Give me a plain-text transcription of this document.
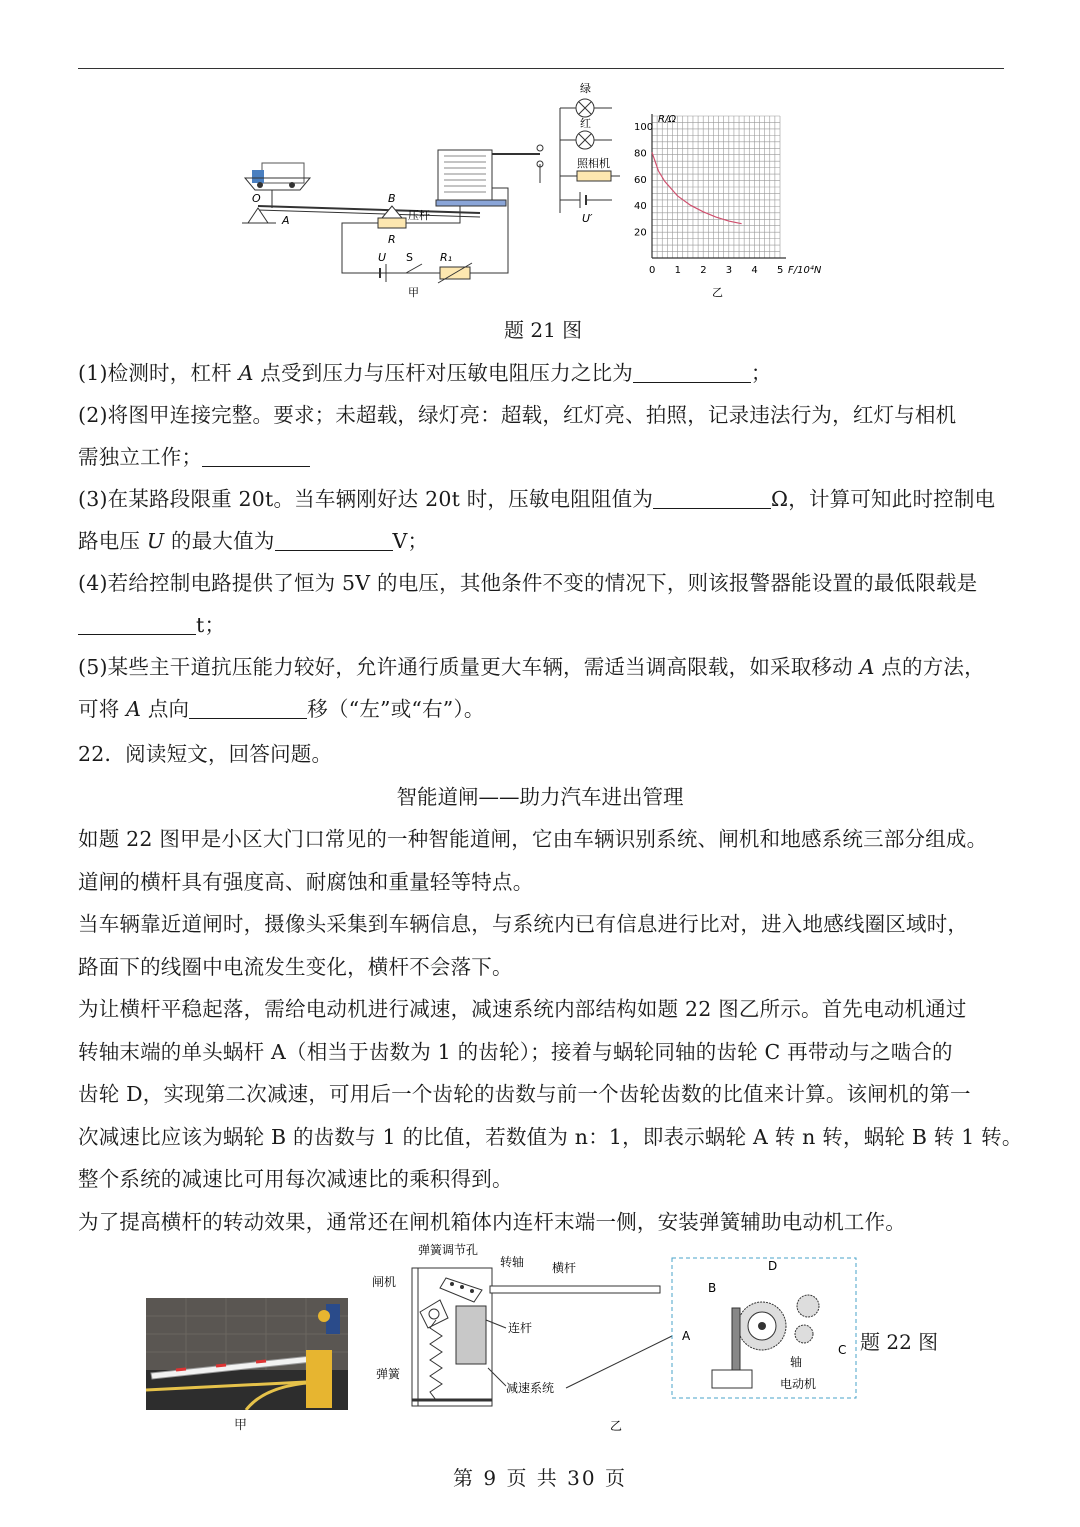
O
A
B
压杆
R
U S R₁
甲
绿
红
照相机
U′
0 1 2 3 4 5
20
40
60
80
100
F/10⁴N
R/Ω
乙
题 21 图
(1)检测时，杠杆 A 点受到压力与压杆对压敏电阻压力之比为	；
(2)将图甲连接完整。要求；未超载，绿灯亮：超载，红灯亮、拍照，记录违法行为，红灯与相机
需独立工作；
(3)在某路段限重 20t。当车辆刚好达 20t 时，压敏电阻阻值为	Ω，计算可知此时控制电
路电压 U 的最大值为	V；
(4)若给控制电路提供了恒为 5V 的电压，其他条件不变的情况下，则该报警器能设置的最低限载是
t；
(5)某些主干道抗压能力较好，允许通行质量更大车辆，需适当调高限载，如采取移动 A 点的方法，
可将 A 点向	移（“左”或“右”）。
22．阅读短文，回答问题。
智能道闸——助力汽车进出管理
如题 22 图甲是小区大门口常见的一种智能道闸，它由车辆识别系统、闸机和地感系统三部分组成。
道闸的横杆具有强度高、耐腐蚀和重量轻等特点。
当车辆靠近道闸时，摄像头采集到车辆信息，与系统内已有信息进行比对，进入地感线圈区域时，
路面下的线圈中电流发生变化，横杆不会落下。
为让横杆平稳起落，需给电动机进行减速，减速系统内部结构如题 22 图乙所示。首先电动机通过
转轴末端的单头蜗杆 A（相当于齿数为 1 的齿轮）；接着与蜗轮同轴的齿轮 C 再带动与之啮合的
齿轮 D，实现第二次减速，可用后一个齿轮的齿数与前一个齿轮齿数的比值来计算。该闸机的第一
次减速比应该为蜗轮 B 的齿数与 1 的比值，若数值为 n：1，即表示蜗轮 A 转 n 转，蜗轮 B 转 1 转。
整个系统的减速比可用每次减速比的乘积得到。
为了提高横杆的转动效果，通常还在闸机箱体内连杆末端一侧，安装弹簧辅助电动机工作。
甲
弹簧调节孔
转轴 横杆
闸机
连杆
弹簧
减速系统
D
B
A
C
轴
电动机
乙
题 22 图
第 9 页 共 30 页
